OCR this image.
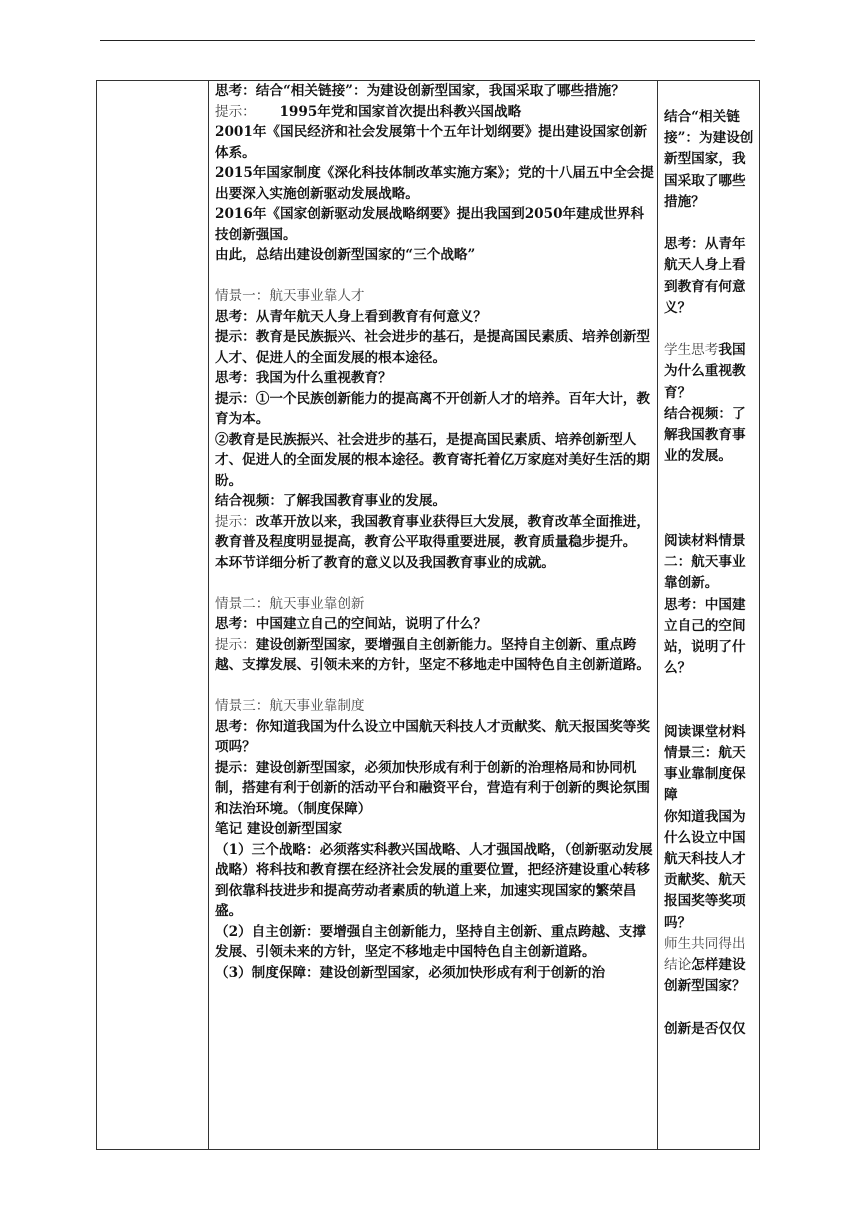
思考：结合“相关链接”：为建设创新型国家，我国采取了哪些措施？

提示： 1995年党和国家首次提出科教兴国战略

2001年《国民经济和社会发展第十个五年计划纲要》提出建设国家创新体系。

2015年国家制度《深化科技体制改革实施方案》；党的十八届五中全会提出要深入实施创新驱动发展战略。

2016年《国家创新驱动发展战略纲要》提出我国到2050年建成世界科技创新强国。

由此，总结出建设创新型国家的“三个战略”

情景一：航天事业靠人才

思考：从青年航天人身上看到教育有何意义？

提示：教育是民族振兴、社会进步的基石，是提高国民素质、培养创新型人才、促进人的全面发展的根本途径。

思考：我国为什么重视教育？

提示：①一个民族创新能力的提高离不开创新人才的培养。百年大计，教育为本。

②教育是民族振兴、社会进步的基石，是提高国民素质、培养创新型人才、促进人的全面发展的根本途径。教育寄托着亿万家庭对美好生活的期盼。

结合视频：了解我国教育事业的发展。

提示：改革开放以来，我国教育事业获得巨大发展，教育改革全面推进，教育普及程度明显提高，教育公平取得重要进展，教育质量稳步提升。

本环节详细分析了教育的意义以及我国教育事业的成就。

情景二：航天事业靠创新

思考：中国建立自己的空间站，说明了什么？

提示：建设创新型国家，要增强自主创新能力。坚持自主创新、重点跨越、支撑发展、引领未来的方针，坚定不移地走中国特色自主创新道路。

情景三：航天事业靠制度

思考：你知道我国为什么设立中国航天科技人才贡献奖、航天报国奖等奖项吗？

提示：建设创新型国家，必须加快形成有利于创新的治理格局和协同机制，搭建有利于创新的活动平台和融资平台，营造有利于创新的舆论氛围和法治环境。（制度保障）

笔记 建设创新型国家

（1）三个战略：必须落实科教兴国战略、人才强国战略，（创新驱动发展战略）将科技和教育摆在经济社会发展的重要位置，把经济建设重心转移到依靠科技进步和提高劳动者素质的轨道上来，加速实现国家的繁荣昌盛。

（2）自主创新：要增强自主创新能力，坚持自主创新、重点跨越、支撑发展、引领未来的方针，坚定不移地走中国特色自主创新道路。

（3）制度保障：建设创新型国家，必须加快形成有利于创新的治

结合“相关链接”：为建设创新型国家，我国采取了哪些措施？

思考：从青年航天人身上看到教育有何意义？

学生思考我国为什么重视教育？

结合视频：了解我国教育事业的发展。

阅读材料情景二：航天事业靠创新。

思考：中国建立自己的空间站，说明了什么？

阅读课堂材料情景三：航天事业靠制度保障

你知道我国为什么设立中国航天科技人才贡献奖、航天报国奖等奖项吗？

师生共同得出结论怎样建设创新型国家？

创新是否仅仅
